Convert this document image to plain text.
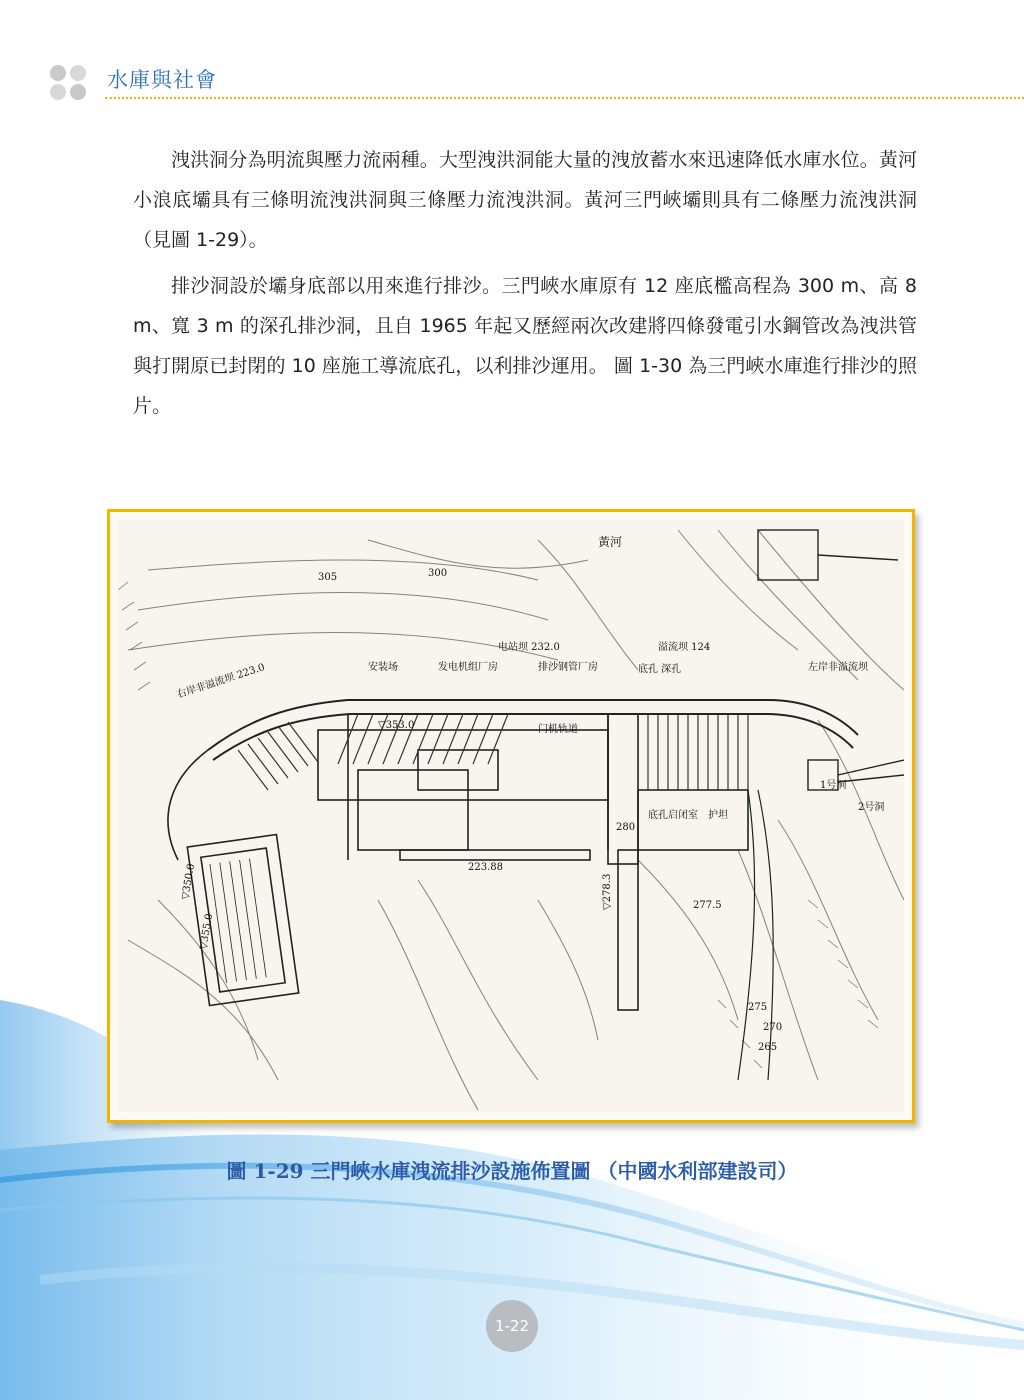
水庫與社會

洩洪洞分為明流與壓力流兩種。大型洩洪洞能大量的洩放蓄水來迅速降低水庫水位。黃河小浪底壩具有三條明流洩洪洞與三條壓力流洩洪洞。黃河三門峽壩則具有二條壓力流洩洪洞（見圖 1-29）。

排沙洞設於壩身底部以用來進行排沙。三門峽水庫原有 12 座底檻高程為 300 m、高 8 m、寬 3 m 的深孔排沙洞，且自 1965 年起又歷經兩次改建將四條發電引水鋼管改為洩洪管與打開原已封閉的 10 座施工導流底孔，以利排沙運用。 圖 1-30 為三門峽水庫進行排沙的照片。

黃河
305	300
电站坝 232.0	溢流坝 124
安装场	发电机组厂房	排沙钢管厂房	底孔 深孔
▽353.0	门机轨道
右岸非溢流坝 223.0	左岸非溢流坝
底孔启闭室 护坦
280
▽278.3
223.88
277.5
275
270
265
▽355.0
▽350.0
1号洞
2号洞
圖 1-29 三門峽水庫洩流排沙設施佈置圖 （中國水利部建設司）
1-22
